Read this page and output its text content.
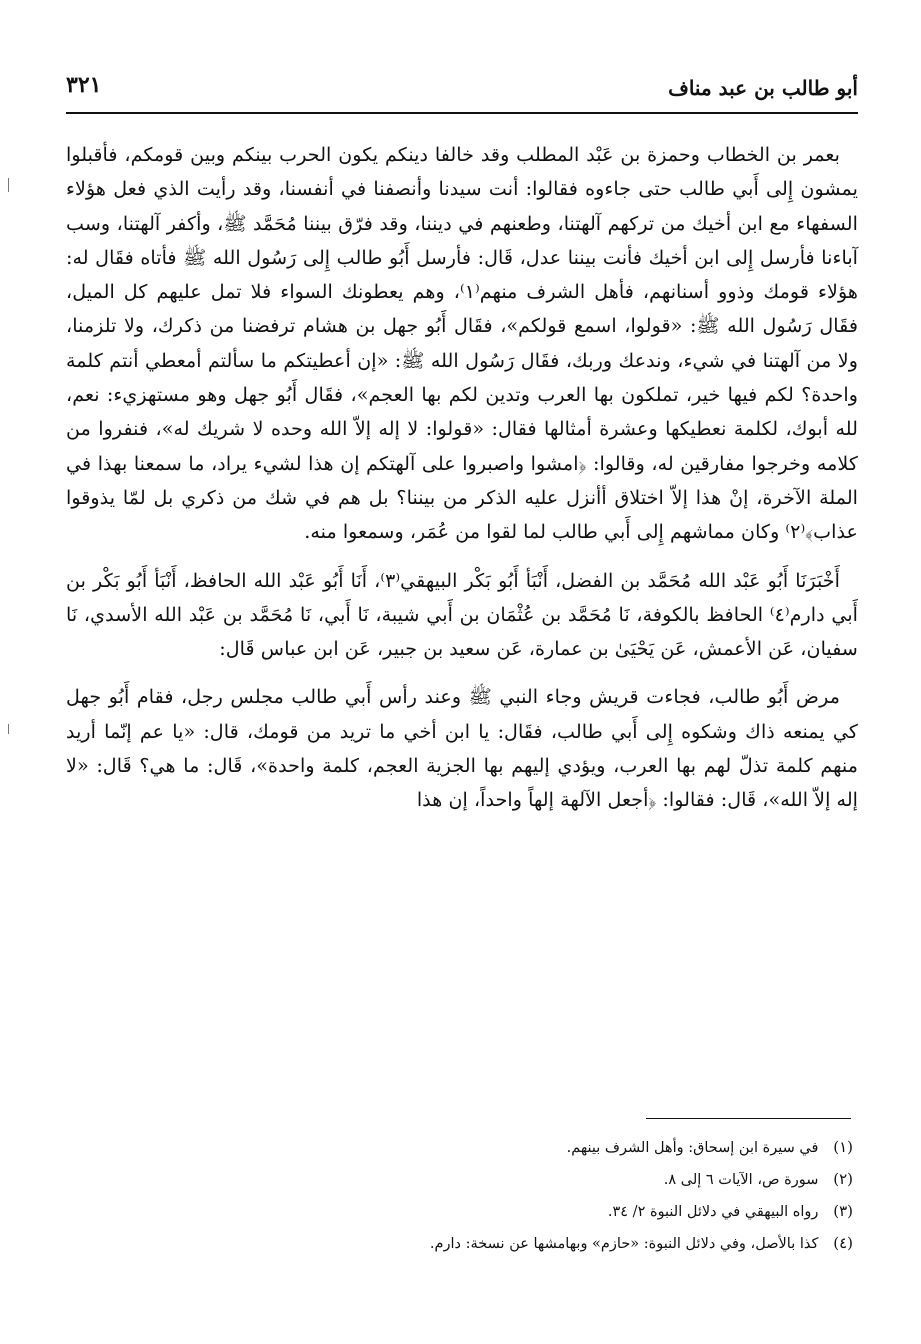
أبو طالب بن عبد مناف
٣٢١

بعمر بن الخطاب وحمزة بن عَبْد المطلب وقد خالفا دينكم يكون الحرب بينكم وبين قومكم، فأقبلوا يمشون إِلى أَبي طالب حتى جاءوه فقالوا: أنت سيدنا وأنصفنا في أنفسنا، وقد رأيت الذي فعل هؤلاء السفهاء مع ابن أخيك من تركهم آلهتنا، وطعنهم في ديننا، وقد فرّق بيننا مُحَمَّد ﷺ، وأكفر آلهتنا، وسب آباءنا فأرسل إِلى ابن أخيك فأنت بيننا عدل، قَال: فأرسل أَبُو طالب إِلى رَسُول الله ﷺ فأتاه فقَال له: هؤلاء قومك وذوو أسنانهم، فأهل الشرف منهم⁽١⁾، وهم يعطونك السواء فلا تمل عليهم كل الميل، فقَال رَسُول الله ﷺ: «قولوا، اسمع قولكم»، فقَال أَبُو جهل بن هشام ترفضنا من ذكرك، ولا تلزمنا، ولا من آلهتنا في شيء، وندعك وربك، فقَال رَسُول الله ﷺ: «إن أعطيتكم ما سألتم أمعطي أنتم كلمة واحدة؟ لكم فيها خير، تملكون بها العرب وتدين لكم بها العجم»، فقَال أَبُو جهل وهو مستهزيء: نعم، لله أبوك، لكلمة نعطيكها وعشرة أمثالها فقال: «قولوا: لا إله إلاّ الله وحده لا شريك له»، فنفروا من كلامه وخرجوا مفارقين له، وقالوا: ﴿امشوا واصبروا على آلهتكم إن هذا لشيء يراد، ما سمعنا بهذا في الملة الآخرة، إنْ هذا إلاّ اختلاق أأنزل عليه الذكر من بيننا؟ بل هم في شك من ذكري بل لمّا يذوقوا عذاب﴾⁽٢⁾ وكان مماشهم إِلى أَبي طالب لما لقوا من عُمَر، وسمعوا منه.

أَخْبَرَنَا أَبُو عَبْد الله مُحَمَّد بن الفضل، أَنْبَأ أَبُو بَكْر البيهقي⁽٣⁾، أَنَا أَبُو عَبْد الله الحافظ، أَنْبَأ أَبُو بَكْر بن أَبي دارم⁽٤⁾ الحافظ بالكوفة، نَا مُحَمَّد بن عُثْمَان بن أَبي شيبة، نَا أَبي، نَا مُحَمَّد بن عَبْد الله الأسدي، نَا سفيان، عَن الأعمش، عَن يَحْيَىٰ بن عمارة، عَن سعيد بن جبير، عَن ابن عباس قَال:

مرض أَبُو طالب، فجاءت قريش وجاء النبي ﷺ وعند رأس أَبي طالب مجلس رجل، فقام أَبُو جهل كي يمنعه ذاك وشكوه إِلى أَبي طالب، فقَال: يا ابن أخي ما تريد من قومك، قال: «يا عم إنّما أريد منهم كلمة تذلّ لهم بها العرب، ويؤدي إليهم بها الجزية العجم، كلمة واحدة»، قَال: ما هي؟ قَال: «لا إله إلاّ الله»، قَال: فقالوا: ﴿أجعل الآلهة إلهاً واحداً، إن هذا

(١) في سيرة ابن إسحاق: وأهل الشرف بينهم.
(٢) سورة ص، الآيات ٦ إلى ٨.
(٣) رواه البيهقي في دلائل النبوة ٢/ ٣٤.
(٤) كذا بالأصل، وفي دلائل النبوة: «حازم» وبهامشها عن نسخة: دارم.
